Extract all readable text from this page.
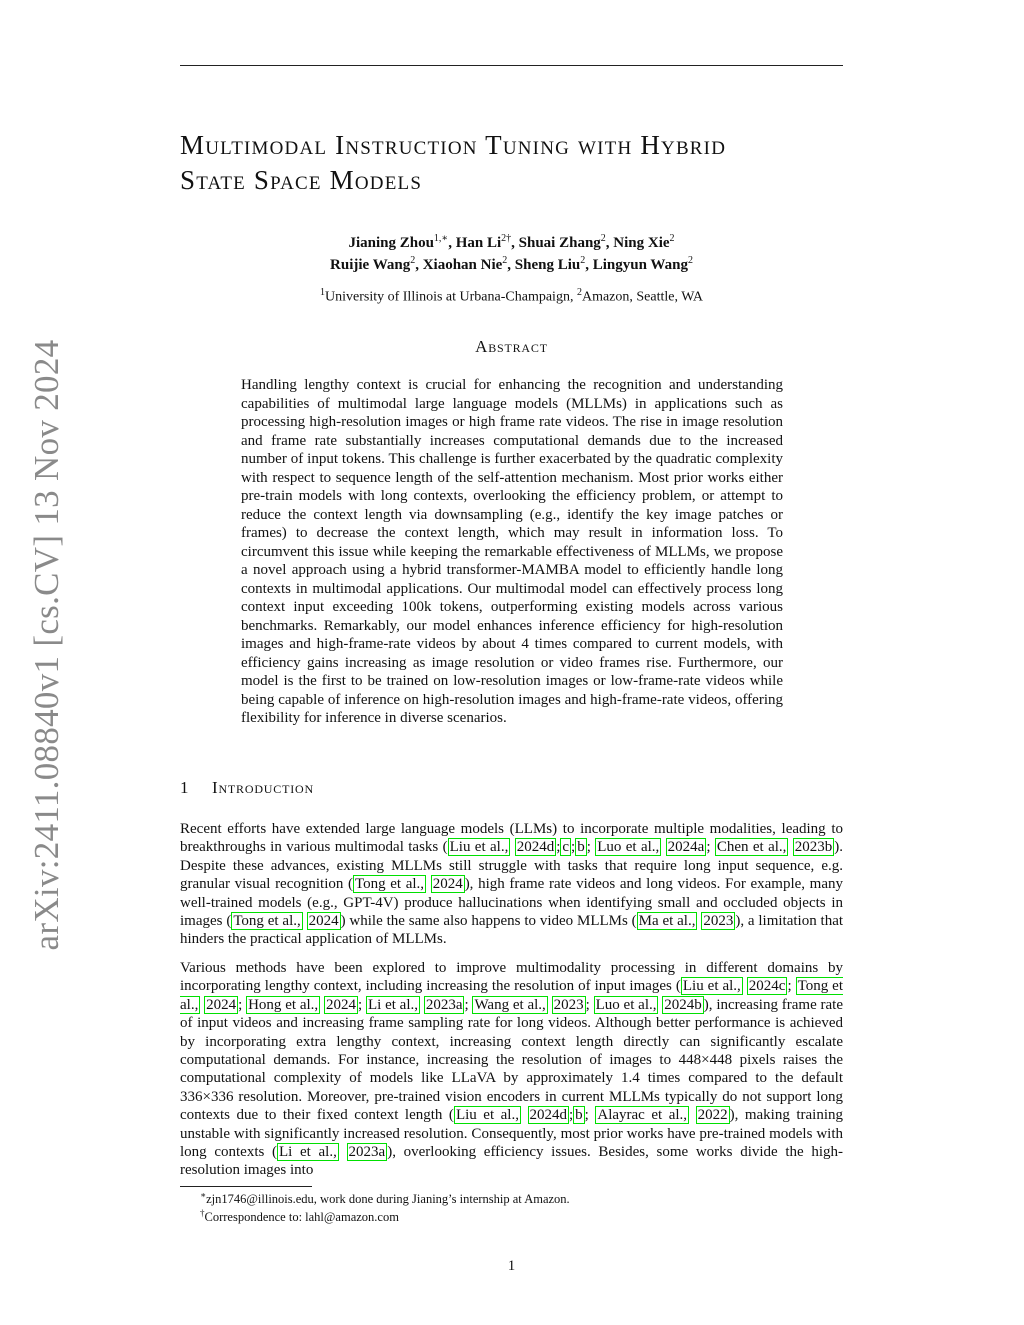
arXiv:2411.08840v1 [cs.CV] 13 Nov 2024
Multimodal Instruction Tuning with Hybrid
State Space Models
Jianing Zhou$^{1,∗}$, Han $Li^{2\dagger}$, Shuai Zhang$^2$, Ning Xie$^2$
Ruijie Wang$^2$, Xiaohan Nie$^2$, Sheng Liu$^2$, Lingyun Wang$^2$
$^1$University of Illinois at Urbana-Champaign, $^2$Amazon, Seattle, WA
Abstract

Handling lengthy context is crucial for enhancing the recognition and understanding capabilities of multimodal large language models (MLLMs) in applications such as processing high-resolution images or high frame rate videos. The rise in image resolution and frame rate substantially increases computational demands due to the increased number of input tokens. This challenge is further exacerbated by the quadratic complexity with respect to sequence length of the self-attention mechanism. Most prior works either pre-train models with long contexts, overlooking the efficiency problem, or attempt to reduce the context length via downsampling (e.g., identify the key image patches or frames) to decrease the context length, which may result in information loss. To circumvent this issue while keeping the remarkable effectiveness of MLLMs, we propose a novel approach using a hybrid transformer-MAMBA model to efficiently handle long contexts in multimodal applications. Our multimodal model can effectively process long context input exceeding 100k tokens, outperforming existing models across various benchmarks. Remarkably, our model enhances inference efficiency for high-resolution images and high-frame-rate videos by about 4 times compared to current models, with efficiency gains increasing as image resolution or video frames rise. Furthermore, our model is the first to be trained on low-resolution images or low-frame-rate videos while being capable of inference on high-resolution images and high-frame-rate videos, offering flexibility for inference in diverse scenarios.

1 Introduction

Recent efforts have extended large language models (LLMs) to incorporate multiple modalities, leading to breakthroughs in various multimodal tasks ( Liu et al., 2024d ; c ; b ; Luo et al., 2024a ; Chen et al., 2023b ). Despite these advances, existing MLLMs still struggle with tasks that require long input sequence, e.g. granular visual recognition ( Tong et al., 2024 ), high frame rate videos and long videos. For example, many well-trained models (e.g., GPT-4V) produce hallucinations when identifying small and occluded objects in images ( Tong et al., 2024 ) while the same also happens to video MLLMs ( Ma et al., 2023 ), a limitation that hinders the practical application of MLLMs.

Various methods have been explored to improve multimodality processing in different domains by incorporating lengthy context, including increasing the resolution of input images ( Liu et al., 2024c ; Tong et al., 2024 ; Hong et al., 2024 ; Li et al., 2023a ; Wang et al., 2023 ; Luo et al., 2024b ), increasing frame rate of input videos and increasing frame sampling rate for long videos. Although better performance is achieved by incorporating extra lengthy context, increasing context length directly can significantly escalate computational demands. For instance, increasing the resolution of images to 448×448 pixels raises the computational complexity of models like LLaVA by approximately 1.4 times compared to the default 336×336 resolution. Moreover, pre-trained vision encoders in current MLLMs typically do not support long contexts due to their fixed context length ( Liu et al., 2024d ; b ; Alayrac et al., 2022 ), making training unstable with significantly increased resolution. Consequently, most prior works have pre-trained models with long contexts ( Li et al., 2023a ), overlooking efficiency issues. Besides, some works divide the high-resolution images into

∗zjn1746@illinois.edu, work done during Jianing’s internship at Amazon.
†Correspondence to: lahl@amazon.com
1
